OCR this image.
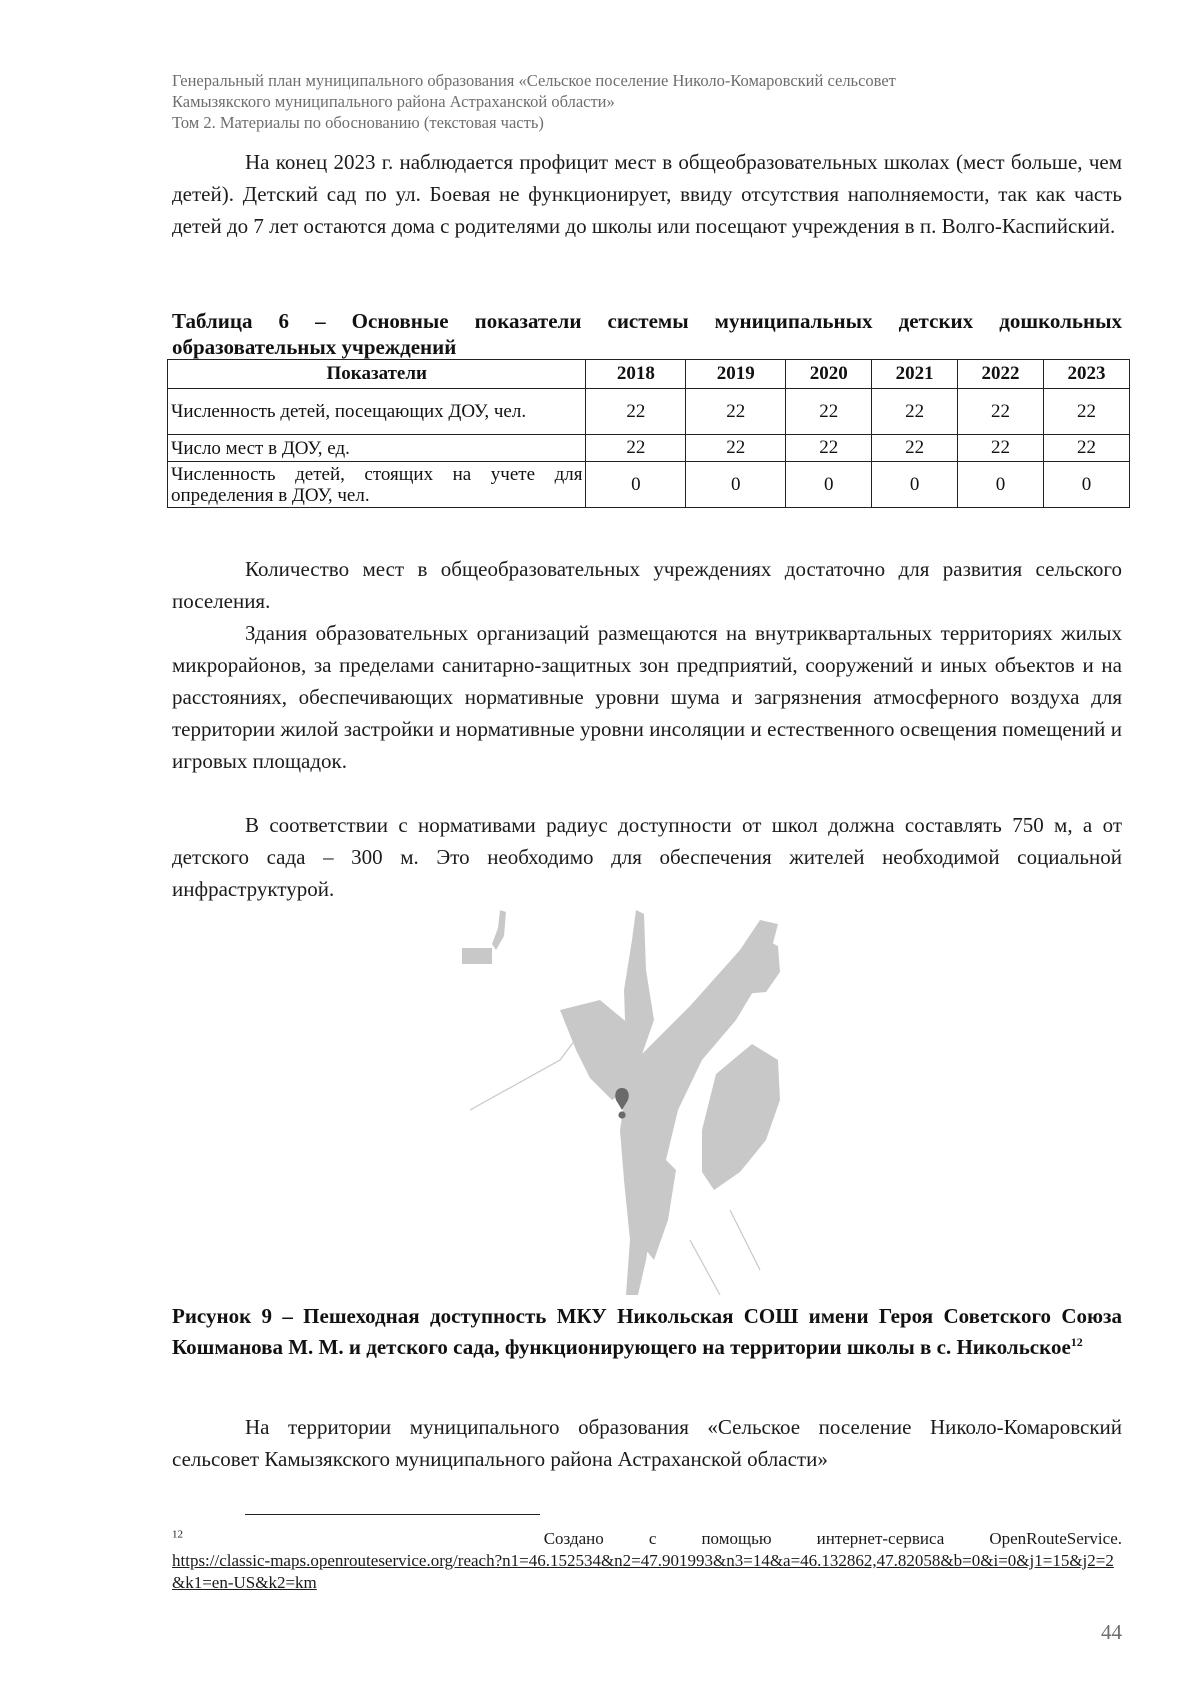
Генеральный план муниципального образования «Сельское поселение Николо-Комаровский сельсовет
Камызякского муниципального района Астраханской области»
Том 2. Материалы по обоснованию (текстовая часть)

На конец 2023 г. наблюдается профицит мест в общеобразовательных школах (мест больше, чем детей). Детский сад по ул. Боевая не функционирует, ввиду отсутствия наполняемости, так как часть детей до 7 лет остаются дома с родителями до школы или посещают учреждения в п. Волго-Каспийский.

Таблица 6 – Основные показатели системы муниципальных детских дошкольных образовательных учреждений

Показатели	2018	2019	2020	2021	2022	2023
Численность детей, посещающих ДОУ, чел.	22	22	22	22	22	22
Число мест в ДОУ, ед.	22	22	22	22	22	22
Численность детей, стоящих на учете для определения в ДОУ, чел.	0	0	0	0	0	0

Количество мест в общеобразовательных учреждениях достаточно для развития сельского поселения.

Здания образовательных организаций размещаются на внутриквартальных территориях жилых микрорайонов, за пределами санитарно-защитных зон предприятий, сооружений и иных объектов и на расстояниях, обеспечивающих нормативные уровни шума и загрязнения атмосферного воздуха для территории жилой застройки и нормативные уровни инсоляции и естественного освещения помещений и игровых площадок.

В соответствии с нормативами радиус доступности от школ должна составлять 750 м, а от детского сада – 300 м. Это необходимо для обеспечения жителей необходимой социальной инфраструктурой.

Рисунок 9 – Пешеходная доступность МКУ Никольская СОШ имени Героя Советского Союза Кошманова М. М. и детского сада, функционирующего на территории школы в с. Никольское$^{12}$

На территории муниципального образования «Сельское поселение Николо-Комаровский сельсовет Камызякского муниципального района Астраханской области»

$^{12}$	Создано с помощью интернет-сервиса OpenRouteService.
https://classic-maps.openrouteservice.org/reach?n1=46.152534&n2=47.901993&n3=14&a=46.132862,47.82058&b=0&i=0&j1=15&j2=2&k1=en-US&k2=km
44
